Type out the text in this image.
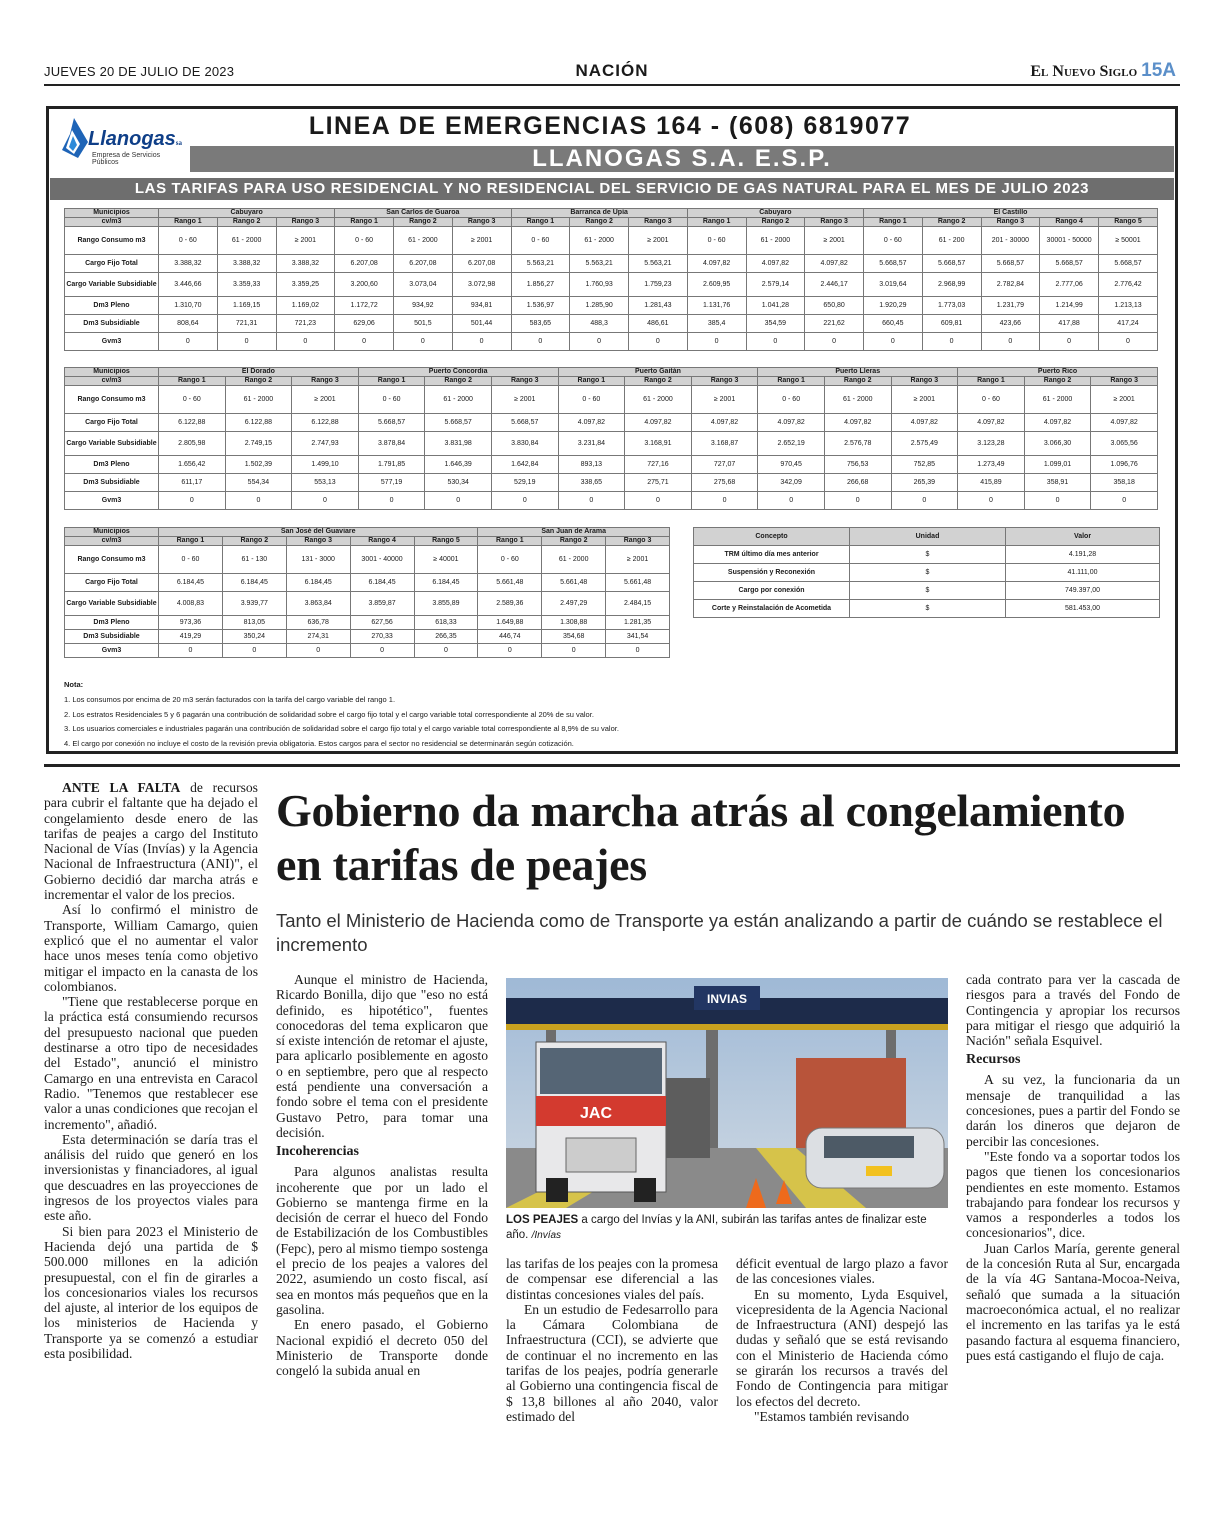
JUEVES 20 DE JULIO DE 2023	NACIÓN	El Nuevo Siglo 15A
Llanogassa
Empresa de Servicios Públicos
LINEA DE EMERGENCIAS 164 - (608) 6819077
LLANOGAS S.A. E.S.P.
LAS TARIFAS PARA USO RESIDENCIAL Y NO RESIDENCIAL DEL SERVICIO DE GAS NATURAL PARA EL MES DE JULIO 2023
Municipios	Cabuyaro			San Carlos de Guaroa			Barranca de Upía			Cabuyaro			El Castillo				
cv/m3	Rango 1	Rango 2	Rango 3	Rango 1	Rango 2	Rango 3	Rango 1	Rango 2	Rango 3	Rango 1	Rango 2	Rango 3	Rango 1	Rango 2	Rango 3	Rango 4	Rango 5
Rango Consumo m3	0 - 60	61 - 2000	≥ 2001	0 - 60	61 - 2000	≥ 2001	0 - 60	61 - 2000	≥ 2001	0 - 60	61 - 2000	≥ 2001	0 - 60	61 - 200	201 - 30000	30001 - 50000	≥ 50001
Cargo Fijo Total	3.388,32	3.388,32	3.388,32	6.207,08	6.207,08	6.207,08	5.563,21	5.563,21	5.563,21	4.097,82	4.097,82	4.097,82	5.668,57	5.668,57	5.668,57	5.668,57	5.668,57
Cargo Variable Subsidiable	3.446,66	3.359,33	3.359,25	3.200,60	3.073,04	3.072,98	1.856,27	1.760,93	1.759,23	2.609,95	2.579,14	2.446,17	3.019,64	2.968,99	2.782,84	2.777,06	2.776,42
Dm3 Pleno	1.310,70	1.169,15	1.169,02	1.172,72	934,92	934,81	1.536,97	1.285,90	1.281,43	1.131,76	1.041,28	650,80	1.920,29	1.773,03	1.231,79	1.214,99	1.213,13
Dm3 Subsidiable	808,64	721,31	721,23	629,06	501,5	501,44	583,65	488,3	486,61	385,4	354,59	221,62	660,45	609,81	423,66	417,88	417,24
Gvm3	0	0	0	0	0	0	0	0	0	0	0	0	0	0	0	0	0
Municipios	El Dorado			Puerto Concordia			Puerto Gaitán			Puerto Lleras			Puerto Rico		
cv/m3	Rango 1	Rango 2	Rango 3	Rango 1	Rango 2	Rango 3	Rango 1	Rango 2	Rango 3	Rango 1	Rango 2	Rango 3	Rango 1	Rango 2	Rango 3
Rango Consumo m3	0 - 60	61 - 2000	≥ 2001	0 - 60	61 - 2000	≥ 2001	0 - 60	61 - 2000	≥ 2001	0 - 60	61 - 2000	≥ 2001	0 - 60	61 - 2000	≥ 2001
Cargo Fijo Total	6.122,88	6.122,88	6.122,88	5.668,57	5.668,57	5.668,57	4.097,82	4.097,82	4.097,82	4.097,82	4.097,82	4.097,82	4.097,82	4.097,82	4.097,82
Cargo Variable Subsidiable	2.805,98	2.749,15	2.747,93	3.878,84	3.831,98	3.830,84	3.231,84	3.168,91	3.168,87	2.652,19	2.576,78	2.575,49	3.123,28	3.066,30	3.065,56
Dm3 Pleno	1.656,42	1.502,39	1.499,10	1.791,85	1.646,39	1.642,84	893,13	727,16	727,07	970,45	756,53	752,85	1.273,49	1.099,01	1.096,76
Dm3 Subsidiable	611,17	554,34	553,13	577,19	530,34	529,19	338,65	275,71	275,68	342,09	266,68	265,39	415,89	358,91	358,18
Gvm3	0	0	0	0	0	0	0	0	0	0	0	0	0	0	0
Municipios	San José del Guaviare					San Juan de Arama		
cv/m3	Rango 1	Rango 2	Rango 3	Rango 4	Rango 5	Rango 1	Rango 2	Rango 3
Rango Consumo m3	0 - 60	61 - 130	131 - 3000	3001 - 40000	≥ 40001	0 - 60	61 - 2000	≥ 2001
Cargo Fijo Total	6.184,45	6.184,45	6.184,45	6.184,45	6.184,45	5.661,48	5.661,48	5.661,48
Cargo Variable Subsidiable	4.008,83	3.939,77	3.863,84	3.859,87	3.855,89	2.589,36	2.497,29	2.484,15
Dm3 Pleno	973,36	813,05	636,78	627,56	618,33	1.649,88	1.308,88	1.281,35
Dm3 Subsidiable	419,29	350,24	274,31	270,33	266,35	446,74	354,68	341,54
Gvm3	0	0	0	0	0	0	0	0
Concepto	Unidad	Valor
TRM último día mes anterior	$	4.191,28
Suspensión y Reconexión	$	41.111,00
Cargo por conexión	$	749.397,00
Corte y Reinstalación de Acometida	$	581.453,00
Nota:
1. Los consumos por encima de 20 m3 serán facturados con la tarifa del cargo variable del rango 1.
2. Los estratos Residenciales 5 y 6 pagarán una contribución de solidaridad sobre el cargo fijo total y el cargo variable total correspondiente al 20% de su valor.
3. Los usuarios comerciales e industriales pagarán una contribución de solidaridad sobre el cargo fijo total y el cargo variable total correspondiente al 8,9% de su valor.
4. El cargo por conexión no incluye el costo de la revisión previa obligatoria. Estos cargos para el sector no residencial se determinarán según cotización.

ANTE LA FALTA de recursos para cubrir el faltante que ha dejado el congelamiento desde enero de las tarifas de peajes a cargo del Instituto Nacional de Vías (Invías) y la Agencia Nacional de Infraestructura (ANI)", el Gobierno decidió dar marcha atrás e incrementar el valor de los precios.

Así lo confirmó el ministro de Transporte, William Camargo, quien explicó que el no aumentar el valor hace unos meses tenía como objetivo mitigar el impacto en la canasta de los colombianos.

"Tiene que restablecerse porque en la práctica está consumiendo recursos del presupuesto nacional que pueden destinarse a otro tipo de necesidades del Estado", anunció el ministro Camargo en una entrevista en Caracol Radio. "Tenemos que restablecer ese valor a unas condiciones que recojan el incremento", añadió.

Esta determinación se daría tras el análisis del ruido que generó en los inversionistas y financiadores, al igual que descuadres en las proyecciones de ingresos de los proyectos viales para este año.

Si bien para 2023 el Ministerio de Hacienda dejó una partida de $ 500.000 millones en la adición presupuestal, con el fin de girarles a los concesionarios viales los recursos del ajuste, al interior de los equipos de los ministerios de Hacienda y Transporte ya se comenzó a estudiar esta posibilidad.

Gobierno da marcha atrás al congelamiento en tarifas de peajes
Tanto el Ministerio de Hacienda como de Transporte ya están analizando a partir de cuándo se restablece el incremento

Aunque el ministro de Hacienda, Ricardo Bonilla, dijo que "eso no está definido, es hipotético", fuentes conocedoras del tema explicaron que sí existe intención de retomar el ajuste, para aplicarlo posiblemente en agosto o en septiembre, pero que al respecto está pendiente una conversación a fondo sobre el tema con el presidente Gustavo Petro, para tomar una decisión.

Incoherencias

Para algunos analistas resulta incoherente que por un lado el Gobierno se mantenga firme en la decisión de cerrar el hueco del Fondo de Estabilización de los Combustibles (Fepc), pero al mismo tiempo sostenga el precio de los peajes a valores del 2022, asumiendo un costo fiscal, así sea en montos más pequeños que en la gasolina.

En enero pasado, el Gobierno Nacional expidió el decreto 050 del Ministerio de Transporte donde congeló la subida anual en

INVIAS
JAC
LOS PEAJES a cargo del Invías y la ANI, subirán las tarifas antes de finalizar este año. /Invías

las tarifas de los peajes con la promesa de compensar ese diferencial a las distintas concesiones viales del país.

En un estudio de Fedesarrollo para la Cámara Colombiana de Infraestructura (CCI), se advierte que de continuar el no incremento en las tarifas de los peajes, podría generarle al Gobierno una contingencia fiscal de $ 13,8 billones al año 2040, valor estimado del

déficit eventual de largo plazo a favor de las concesiones viales.

En su momento, Lyda Esquivel, vicepresidenta de la Agencia Nacional de Infraestructura (ANI) despejó las dudas y señaló que se está revisando con el Ministerio de Hacienda cómo se girarán los recursos a través del Fondo de Contingencia para mitigar los efectos del decreto.

"Estamos también revisando

cada contrato para ver la cascada de riesgos para a través del Fondo de Contingencia y apropiar los recursos para mitigar el riesgo que adquirió la Nación" señala Esquivel.

Recursos

A su vez, la funcionaria da un mensaje de tranquilidad a las concesiones, pues a partir del Fondo se darán los dineros que dejaron de percibir las concesiones.

"Este fondo va a soportar todos los pagos que tienen los concesionarios pendientes en este momento. Estamos trabajando para fondear los recursos y vamos a responderles a todos los concesionarios", dice.

Juan Carlos María, gerente general de la concesión Ruta al Sur, encargada de la vía 4G Santana-Mocoa-Neiva, señaló que sumada a la situación macroeconómica actual, el no realizar el incremento en las tarifas ya le está pasando factura al esquema financiero, pues está castigando el flujo de caja.
